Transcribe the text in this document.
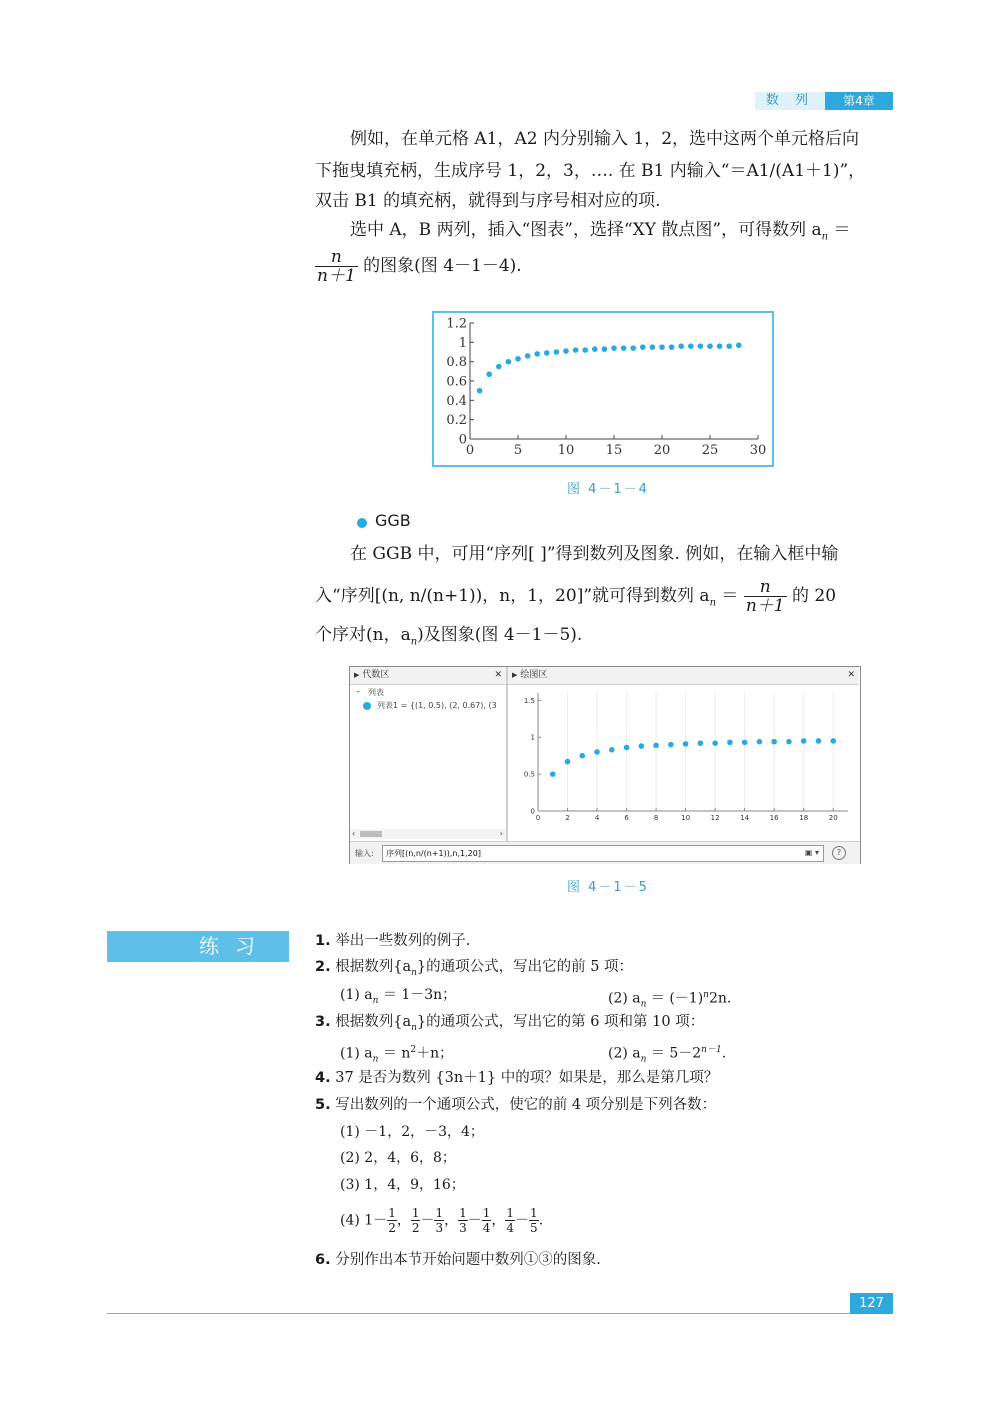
数 列	第4章
例如，在单元格 A1，A2 内分别输入 1，2，选中这两个单元格后向
下拖曳填充柄，生成序号 1，2，3，…. 在 B1 内输入“＝A1/(A1＋1)”，
双击 B1 的填充柄，就得到与序号相对应的项.
选中 A，B 两列，插入“图表”，选择“XY 散点图”，可得数列 $a_n$ ＝
$\frac{n}{n+1}$ 的图象(图 4－1－4).
0	5	10 15 20 25 30
0
0.2
0.4
0.6
0.8
1
1.2
图 4－1－4
GGB
在 GGB 中，可用“序列[ ]”得到数列及图象. 例如，在输入框中输
入“序列[(n, n/(n+1))，n，1，20]”就可得到数列 $a_n = \frac{n}{n+1}$ 的 20
个序对(n，$a_n$)及图象(图 4－1－5).
▶ 代数区	✕
– 列表
列表1 = {(1, 0.5), (2, 0.67), (3
‹	›
▶ 绘图区	✕
0	2	4	6	8	10	12	14	16	18	20
0
0.5
1
1.5
输入: 序列[(n,n/(n+1)),n,1,20]	▣ ▾	?
图 4－1－5
练习	1. 举出一些数列的例子.
2. 根据数列$\{a_n\}$的通项公式，写出它的前 5 项：
(1) $a_n = 1-3n$；	(2) $a_n = (-1)^n2n$.
3. 根据数列$\{a_n\}$的通项公式，写出它的第 6 项和第 10 项：
(1) $a_n = n^2+n$；	(2) $a_n = 5-2^{n-1}$.
4. 37 是否为数列 {3n＋1} 中的项？如果是，那么是第几项？
5. 写出数列的一个通项公式，使它的前 4 项分别是下列各数：
(1) －1，2，－3，4；
(2) 2，4，6，8；
(3) 1，4，9，16；
(4) $1- \frac{1}{2}$， $\frac{1}{2}- \frac{1}{3}$， $\frac{1}{3}- \frac{1}{4}$， $\frac{1}{4}- \frac{1}{5}$.
6. 分别作出本节开始问题中数列①③的图象.
127
